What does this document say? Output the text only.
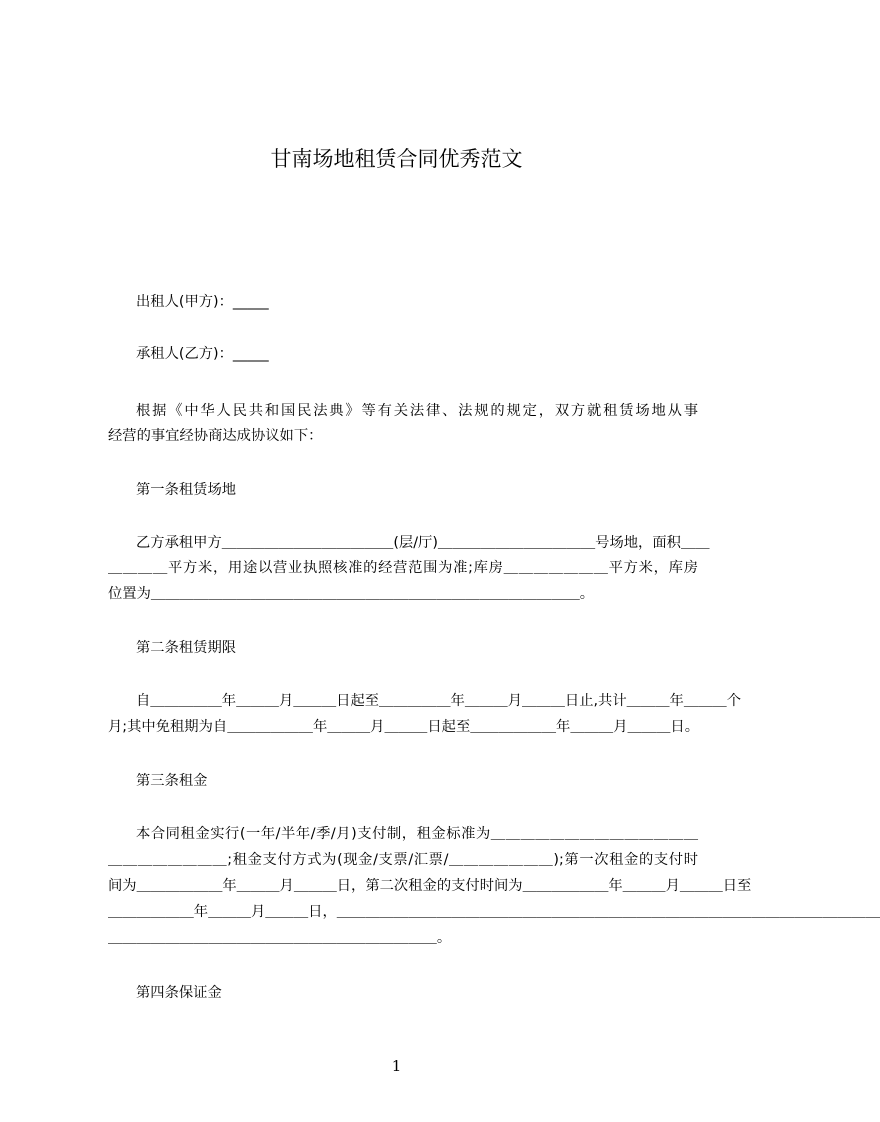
甘南场地租赁合同优秀范文
出租人(甲方)：_____
承租人(乙方)：_____
根据《中华人民共和国民法典》等有关法律、法规的规定，双方就租赁场地从事
经营的事宜经协商达成协议如下：
第一条租赁场地
乙方承租甲方＿＿＿＿＿＿＿＿＿＿＿＿(层/厅)＿＿＿＿＿＿＿＿＿＿＿号场地，面积＿＿
＿＿＿＿平方米，用途以营业执照核准的经营范围为准;库房＿＿＿＿＿＿＿平方米，库房
位置为＿＿＿＿＿＿＿＿＿＿＿＿＿＿＿＿＿＿＿＿＿＿＿＿＿＿＿＿＿＿。
第二条租赁期限
自＿＿＿＿＿年＿＿＿月＿＿＿日起至＿＿＿＿＿年＿＿＿月＿＿＿日止,共计＿＿＿年＿＿＿个
月;其中免租期为自＿＿＿＿＿＿年＿＿＿月＿＿＿日起至＿＿＿＿＿＿年＿＿＿月＿＿＿日。
第三条租金
本合同租金实行(一年/半年/季/月)支付制，租金标准为＿＿＿＿＿＿＿＿＿＿＿＿＿＿
＿＿＿＿＿＿＿＿;租金支付方式为(现金/支票/汇票/＿＿＿＿＿＿＿);第一次租金的支付时
间为＿＿＿＿＿＿年＿＿＿月＿＿＿日，第二次租金的支付时间为＿＿＿＿＿＿年＿＿＿月＿＿＿日至
＿＿＿＿＿＿年＿＿＿月＿＿＿日，＿＿＿＿＿＿＿＿＿＿＿＿＿＿＿＿＿＿＿＿＿＿＿＿＿＿＿＿＿＿＿＿＿＿＿＿＿＿
＿＿＿＿＿＿＿＿＿＿＿＿＿＿＿＿＿＿＿＿＿＿＿。
第四条保证金
1
